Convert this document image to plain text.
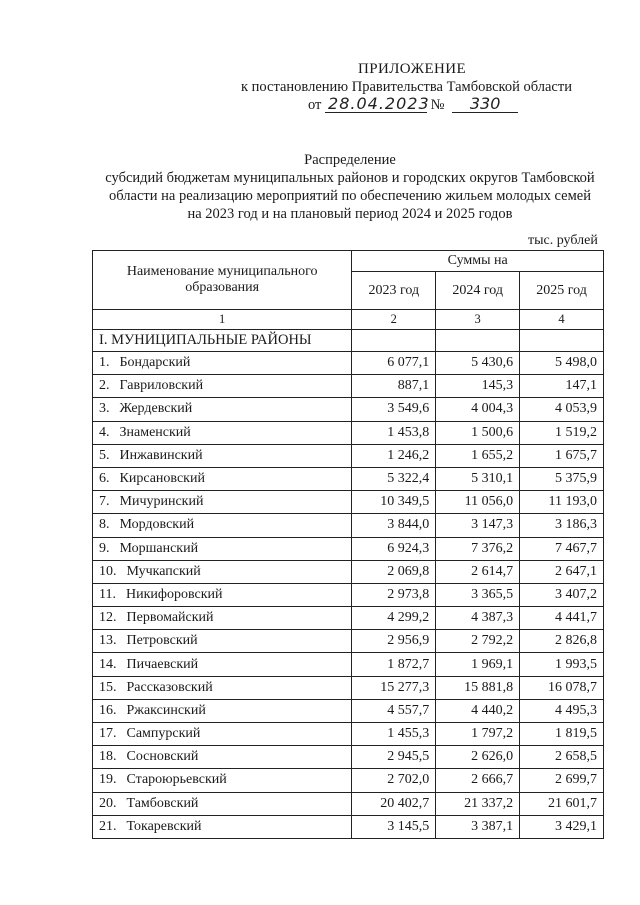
ПРИЛОЖЕНИЕ
к постановлению Правительства Тамбовской области
от 28.04.2023 № 330
Распределение
субсидий бюджетам муниципальных районов и городских округов Тамбовской
области на реализацию мероприятий по обеспечению жильем молодых семей
на 2023 год и на плановый период 2024 и 2025 годов
тыс. рублей
Наименование муниципального образования	Суммы на		
	2023 год	2024 год	2025 год
1	2	3	4
I. МУНИЦИПАЛЬНЫЕ РАЙОНЫ			
1. Бондарский	6 077,1	5 430,6	5 498,0
2. Гавриловский	887,1	145,3	147,1
3. Жердевский	3 549,6	4 004,3	4 053,9
4. Знаменский	1 453,8	1 500,6	1 519,2
5. Инжавинский	1 246,2	1 655,2	1 675,7
6. Кирсановский	5 322,4	5 310,1	5 375,9
7. Мичуринский	10 349,5	11 056,0	11 193,0
8. Мордовский	3 844,0	3 147,3	3 186,3
9. Моршанский	6 924,3	7 376,2	7 467,7
10. Мучкапский	2 069,8	2 614,7	2 647,1
11. Никифоровский	2 973,8	3 365,5	3 407,2
12. Первомайский	4 299,2	4 387,3	4 441,7
13. Петровский	2 956,9	2 792,2	2 826,8
14. Пичаевский	1 872,7	1 969,1	1 993,5
15. Рассказовский	15 277,3	15 881,8	16 078,7
16. Ржаксинский	4 557,7	4 440,2	4 495,3
17. Сампурский	1 455,3	1 797,2	1 819,5
18. Сосновский	2 945,5	2 626,0	2 658,5
19. Староюрьевский	2 702,0	2 666,7	2 699,7
20. Тамбовский	20 402,7	21 337,2	21 601,7
21. Токаревский	3 145,5	3 387,1	3 429,1
